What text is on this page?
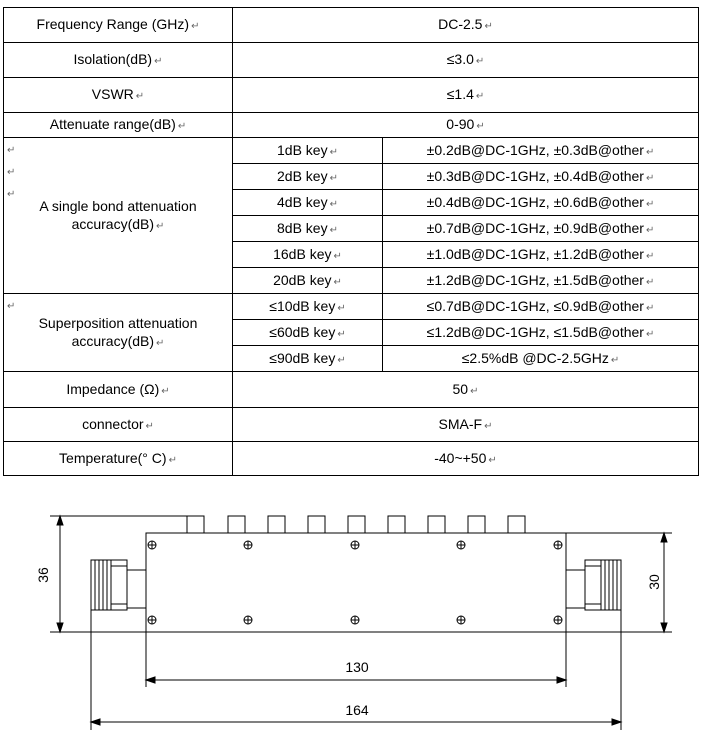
Frequency Range (GHz) ↵	DC-2.5 ↵	
Isolation(dB) ↵	≤3.0 ↵	
VSWR ↵	≤1.4 ↵	
Attenuate range(dB) ↵	0-90 ↵	

↵
↵
↵
A single bond attenuation accuracy(dB) ↵	1dB key ↵	±0.2dB@DC-1GHz, ±0.3dB@other ↵
	2dB key ↵	±0.3dB@DC-1GHz, ±0.4dB@other ↵
	4dB key ↵	±0.4dB@DC-1GHz, ±0.6dB@other ↵
	8dB key ↵	±0.7dB@DC-1GHz, ±0.9dB@other ↵
	16dB key ↵	±1.0dB@DC-1GHz, ±1.2dB@other ↵
	20dB key ↵	±1.2dB@DC-1GHz, ±1.5dB@other ↵

↵
Superposition attenuation accuracy(dB) ↵	≤10dB key ↵	≤0.7dB@DC-1GHz, ≤0.9dB@other ↵
	≤60dB key ↵	≤1.2dB@DC-1GHz, ≤1.5dB@other ↵
	≤90dB key ↵	≤2.5%dB @DC-2.5GHz ↵
Impedance (Ω) ↵	50 ↵	
connector ↵	SMA-F ↵	
Temperature(° C) ↵	-40~+50 ↵	
36	30
130
164
